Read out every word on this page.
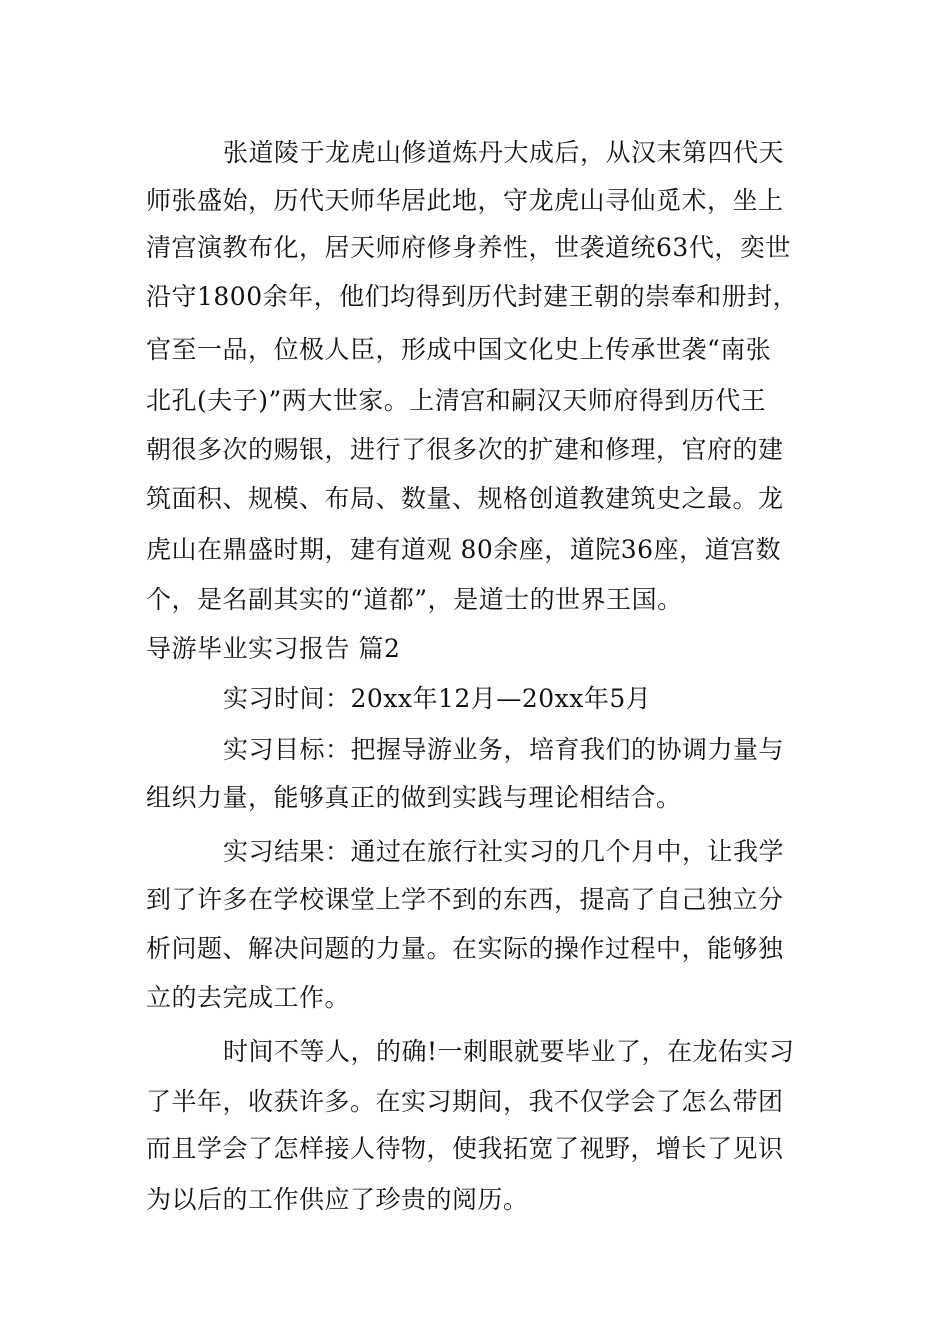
张道陵于龙虎山修道炼丹大成后，从汉末第四代天
师张盛始，历代天师华居此地，守龙虎山寻仙觅术，坐上
清宫演教布化，居天师府修身养性，世袭道统63代，奕世
沿守1800余年，他们均得到历代封建王朝的崇奉和册封，
官至一品，位极人臣，形成中国文化史上传承世袭“南张
北孔(夫子)”两大世家。上清宫和嗣汉天师府得到历代王
朝很多次的赐银，进行了很多次的扩建和修理，官府的建
筑面积、规模、布局、数量、规格创道教建筑史之最。龙
虎山在鼎盛时期，建有道观 80余座，道院36座，道宫数
个，是名副其实的“道都”，是道士的世界王国。
导游毕业实习报告 篇2
实习时间：20xx年12月—20xx年5月
实习目标：把握导游业务，培育我们的协调力量与
组织力量，能够真正的做到实践与理论相结合。
实习结果：通过在旅行社实习的几个月中，让我学
到了许多在学校课堂上学不到的东西，提高了自己独立分
析问题、解决问题的力量。在实际的操作过程中，能够独
立的去完成工作。
时间不等人，的确!一刺眼就要毕业了，在龙佑实习
了半年，收获许多。在实习期间，我不仅学会了怎么带团
而且学会了怎样接人待物，使我拓宽了视野，增长了见识
为以后的工作供应了珍贵的阅历。
